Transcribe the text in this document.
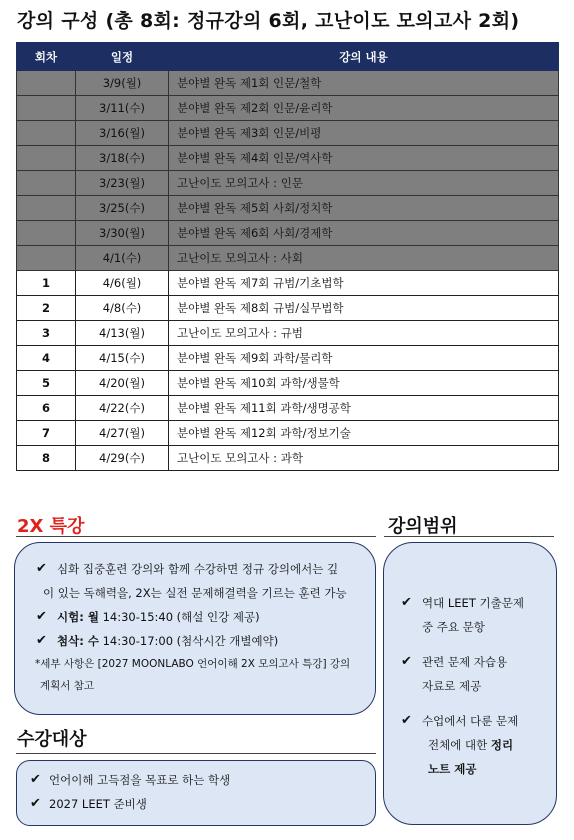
강의 구성 (총 8회: 정규강의 6회, 고난이도 모의고사 2회)
회차	일정	강의 내용
	3/9(월)	분야별 완독 제1회 인문/철학
	3/11(수)	분야별 완독 제2회 인문/윤리학
	3/16(월)	분야별 완독 제3회 인문/비평
	3/18(수)	분야별 완독 제4회 인문/역사학
	3/23(월)	고난이도 모의고사 : 인문
	3/25(수)	분야별 완독 제5회 사회/정치학
	3/30(월)	분야별 완독 제6회 사회/경제학
	4/1(수)	고난이도 모의고사 : 사회
1	4/6(월)	분야별 완독 제7회 규범/기초법학
2	4/8(수)	분야별 완독 제8회 규범/실무법학
3	4/13(월)	고난이도 모의고사 : 규범
4	4/15(수)	분야별 완독 제9회 과학/물리학
5	4/20(월)	분야별 완독 제10회 과학/생물학
6	4/22(수)	분야별 완독 제11회 과학/생명공학
7	4/27(월)	분야별 완독 제12회 과학/정보기술
8	4/29(수)	고난이도 모의고사 : 과학
2X 특강
✔ 심화 집중훈련 강의와 함께 수강하면 정규 강의에서는 깊
이 있는 독해력을, 2X는 실전 문제해결력을 기르는 훈련 가능
✔ 시험: 월 14:30-15:40 (해설 인강 제공)
✔ 첨삭: 수 14:30-17:00 (첨삭시간 개별예약)
*세부 사항은 [2027 MOONLABO 언어이해 2X 모의고사 특강] 강의
계획서 참고
수강대상
✔ 언어이해 고득점을 목표로 하는 학생
✔ 2027 LEET 준비생
강의범위
✔ 역대 LEET 기출문제
중 주요 문항
✔ 관련 문제 자습용
자료로 제공
✔ 수업에서 다룬 문제
전체에 대한 정리
노트 제공
